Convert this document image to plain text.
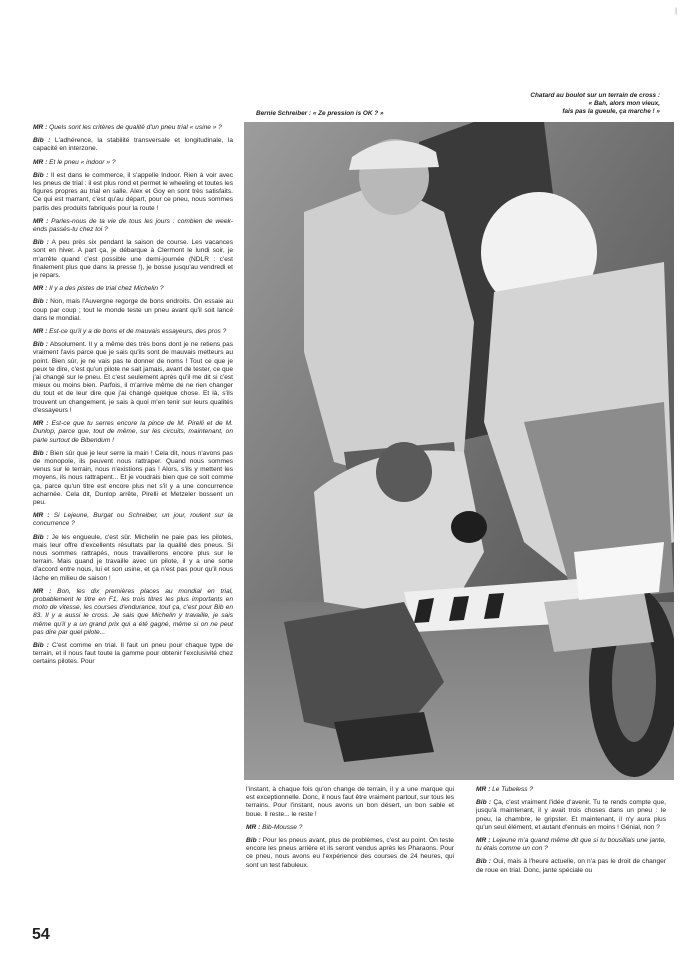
|
Chatard au boulot sur un terrain de cross :
« Bah, alors mon vieux,
fais pas la gueule, ça marche ! »
Bernie Schreiber : « Ze pression is OK ? »

MR : Quels sont les critères de qualité d'un pneu trial « usine » ?

Bib : L'adhérence, la stabilité transversale et longitudinale, la capacité en interzone.

MR : Et le pneu « indoor » ?

Bib : Il est dans le commerce, il s'appelle Indoor. Rien à voir avec les pneus de trial : il est plus rond et permet le wheeling et toutes les figures propres au trial en salle. Alex et Goy en sont très satisfaits. Ce qui est marrant, c'est qu'au départ, pour ce pneu, nous sommes partis des produits fabriqués pour la route !

MR : Parles-nous de ta vie de tous les jours : combien de week-ends passés-tu chez toi ?

Bib : A peu près six pendant la saison de course. Les vacances sont en hiver. A part ça, je débarque à Clermont le lundi soir, je m'arrête quand c'est possible une demi-journée (NDLR : c'est finalement plus que dans la presse !), je bosse jusqu'au vendredi et je repars.

MR : Il y a des pistes de trial chez Michelin ?

Bib : Non, mais l'Auvergne regorge de bons endroits. On essaie au coup par coup ; tout le monde teste un pneu avant qu'il soit lancé dans le mondial.

MR : Est-ce qu'il y a de bons et de mauvais essayeurs, des pros ?

Bib : Absolument. Il y a même des très bons dont je ne retiens pas vraiment l'avis parce que je sais qu'ils sont de mauvais metteurs au point. Bien sûr, je ne vais pas te donner de noms ! Tout ce que je peux te dire, c'est qu'un pilote ne sait jamais, avant de tester, ce que j'ai changé sur le pneu. Et c'est seulement après qu'il me dit si c'est mieux ou moins bien. Parfois, il m'arrive même de ne rien changer du tout et de leur dire que j'ai changé quelque chose. Et là, s'ils trouvent un changement, je sais à quoi m'en tenir sur leurs qualités d'essayeurs !

MR : Est-ce que tu serres encore la pince de M. Pirelli et de M. Dunlop, parce que, tout de même, sur les circuits, maintenant, on parle surtout de Bibendum !

Bib : Bien sûr que je leur serre la main ! Cela dit, nous n'avons pas de monopole, ils peuvent nous rattraper. Quand nous sommes venus sur le terrain, nous n'existions pas ! Alors, s'ils y mettent les moyens, ils nous rattrapent... Et je voudrais bien que ce soit comme ça, parce qu'un titre est encore plus net s'il y a une concurrence acharnée. Cela dit, Dunlop arrête, Pirelli et Metzeler bossent un peu.

MR : Si Lejeune, Burgat ou Schreiber, un jour, roulent sur la concurrence ?

Bib : Je les engueule, c'est sûr. Michelin ne paie pas les pilotes, mais leur offre d'excellents résultats par la qualité des pneus. Si nous sommes rattrapés, nous travaillerons encore plus sur le terrain. Mais quand je travaille avec un pilote, il y a une sorte d'accord entre nous, lui et son usine, et ça n'est pas pour qu'il nous lâche en milieu de saison !

MR : Bon, les dix premières places au mondial en trial, probablement le titre en F1, les trois titres les plus importants en moto de vitesse, les courses d'endurance, tout ça, c'est pour Bib en 83. Il y a aussi le cross. Je sais que Michelin y travaille, je sais même qu'il y a un grand prix qui a été gagné, même si on ne peut pas dire par quel pilote...

Bib : C'est comme en trial. Il faut un pneu pour chaque type de terrain, et il nous faut toute la gamme pour obtenir l'exclusivité chez certains pilotes. Pour

l'instant, à chaque fois qu'on change de terrain, il y a une marque qui est exceptionnelle. Donc, il nous faut être vraiment partout, sur tous les terrains. Pour l'instant, nous avons un bon désert, un bon sable et boue. Il reste... le reste !

MR : Bib-Mousse ?

Bib : Pour les pneus avant, plus de problèmes, c'est au point. On teste encore les pneus arrière et ils seront vendus après les Pharaons. Pour ce pneu, nous avons eu l'expérience des courses de 24 heures, qui sont un test fabuleux.

MR : Le Tubeless ?

Bib : Ça, c'est vraiment l'idée d'avenir. Tu te rends compte que, jusqu'à maintenant, il y avait trois choses dans un pneu : le pneu, la chambre, le gripster. Et maintenant, il n'y aura plus qu'un seul élément, et autant d'ennuis en moins ! Génial, non ?

MR : Lejeune m'a quand même dit que si tu bousillais une jante, tu étais comme un con ?

Bib : Oui, mais à l'heure actuelle, on n'a pas le droit de changer de roue en trial. Donc, jante spéciale ou

54
